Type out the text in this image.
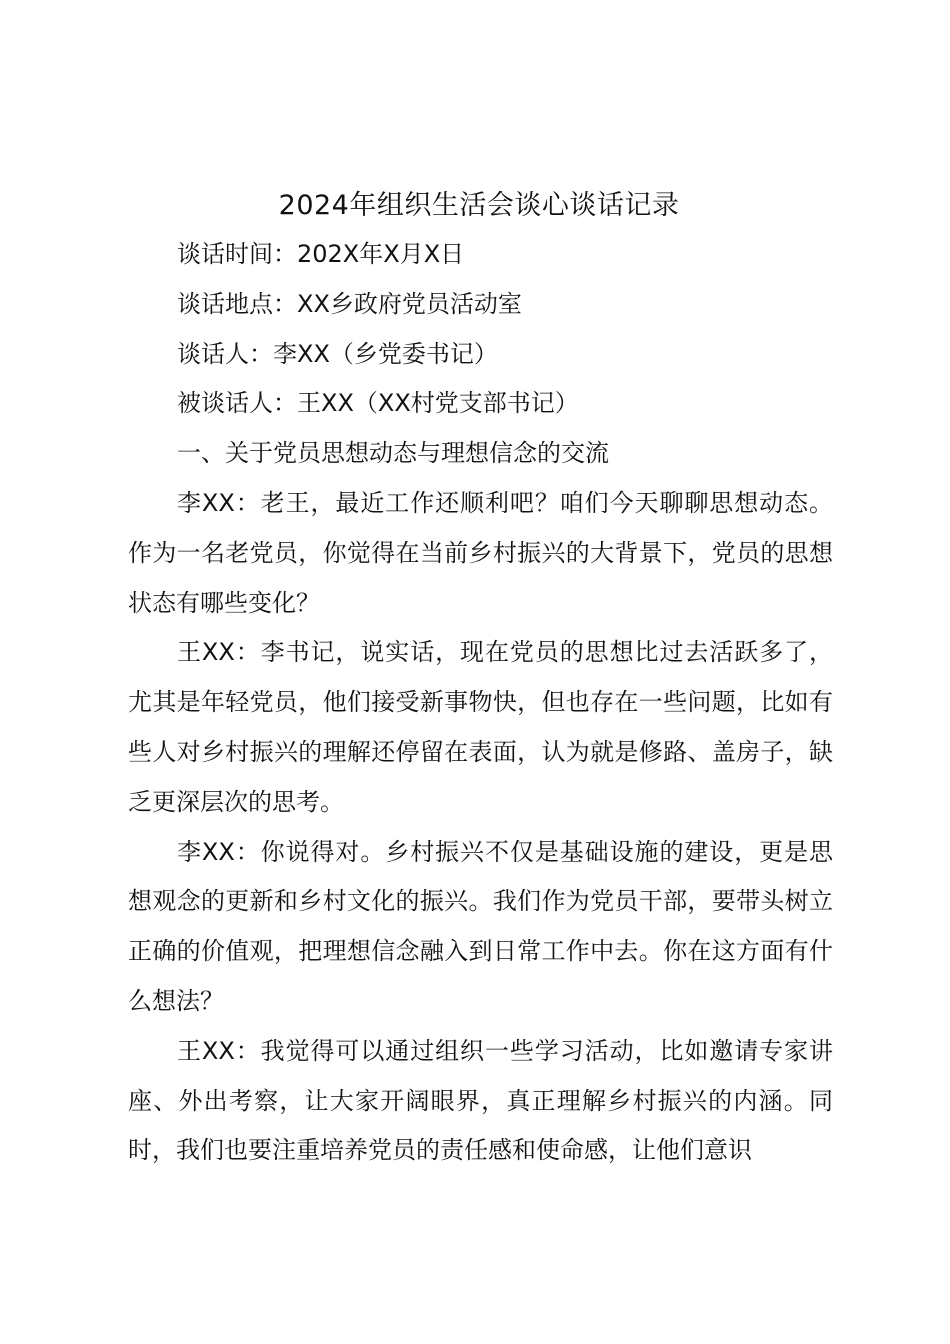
2024年组织生活会谈心谈话记录

谈话时间：202X年X月X日

谈话地点：XX乡政府党员活动室

谈话人：李XX（乡党委书记）

被谈话人：王XX（XX村党支部书记）

一、关于党员思想动态与理想信念的交流

李XX：老王，最近工作还顺利吧？咱们今天聊聊思想动态。作为一名老党员，你觉得在当前乡村振兴的大背景下，党员的思想状态有哪些变化？

王XX：李书记，说实话，现在党员的思想比过去活跃多了，尤其是年轻党员，他们接受新事物快，但也存在一些问题，比如有些人对乡村振兴的理解还停留在表面，认为就是修路、盖房子，缺乏更深层次的思考。

李XX：你说得对。乡村振兴不仅是基础设施的建设，更是思想观念的更新和乡村文化的振兴。我们作为党员干部，要带头树立正确的价值观，把理想信念融入到日常工作中去。你在这方面有什么想法？

王XX：我觉得可以通过组织一些学习活动，比如邀请专家讲座、外出考察，让大家开阔眼界，真正理解乡村振兴的内涵。同时，我们也要注重培养党员的责任感和使命感，让他们意识
